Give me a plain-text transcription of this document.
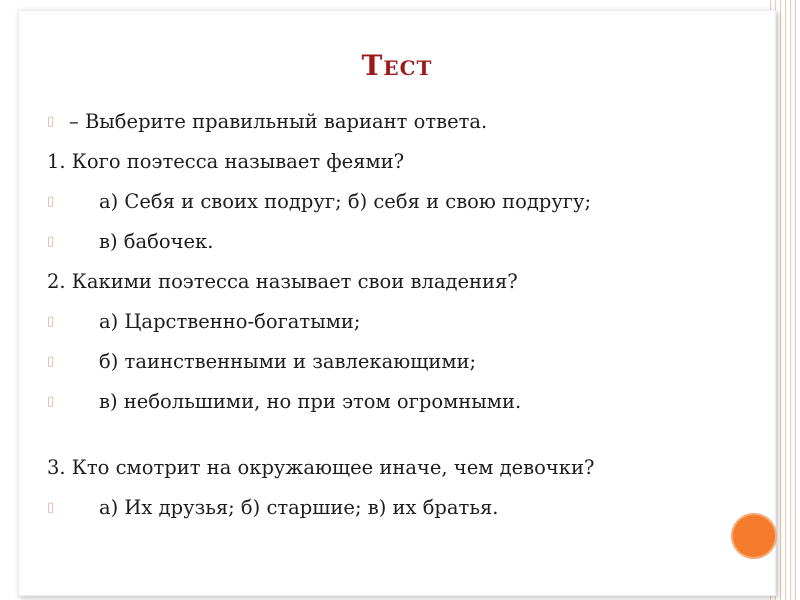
Тест
▯ – Выберите правильный вариант ответа.
1. Кого поэтесса называет феями?
▯	а) Себя и своих подруг; б) себя и свою подругу;
▯	в) бабочек.
2. Какими поэтесса называет свои владения?
▯	а) Царственно-богатыми;
▯	б) таинственными и завлекающими;
▯	в) небольшими, но при этом огромными.
3. Кто смотрит на окружающее иначе, чем девочки?
▯	а) Их друзья; б) старшие; в) их братья.
